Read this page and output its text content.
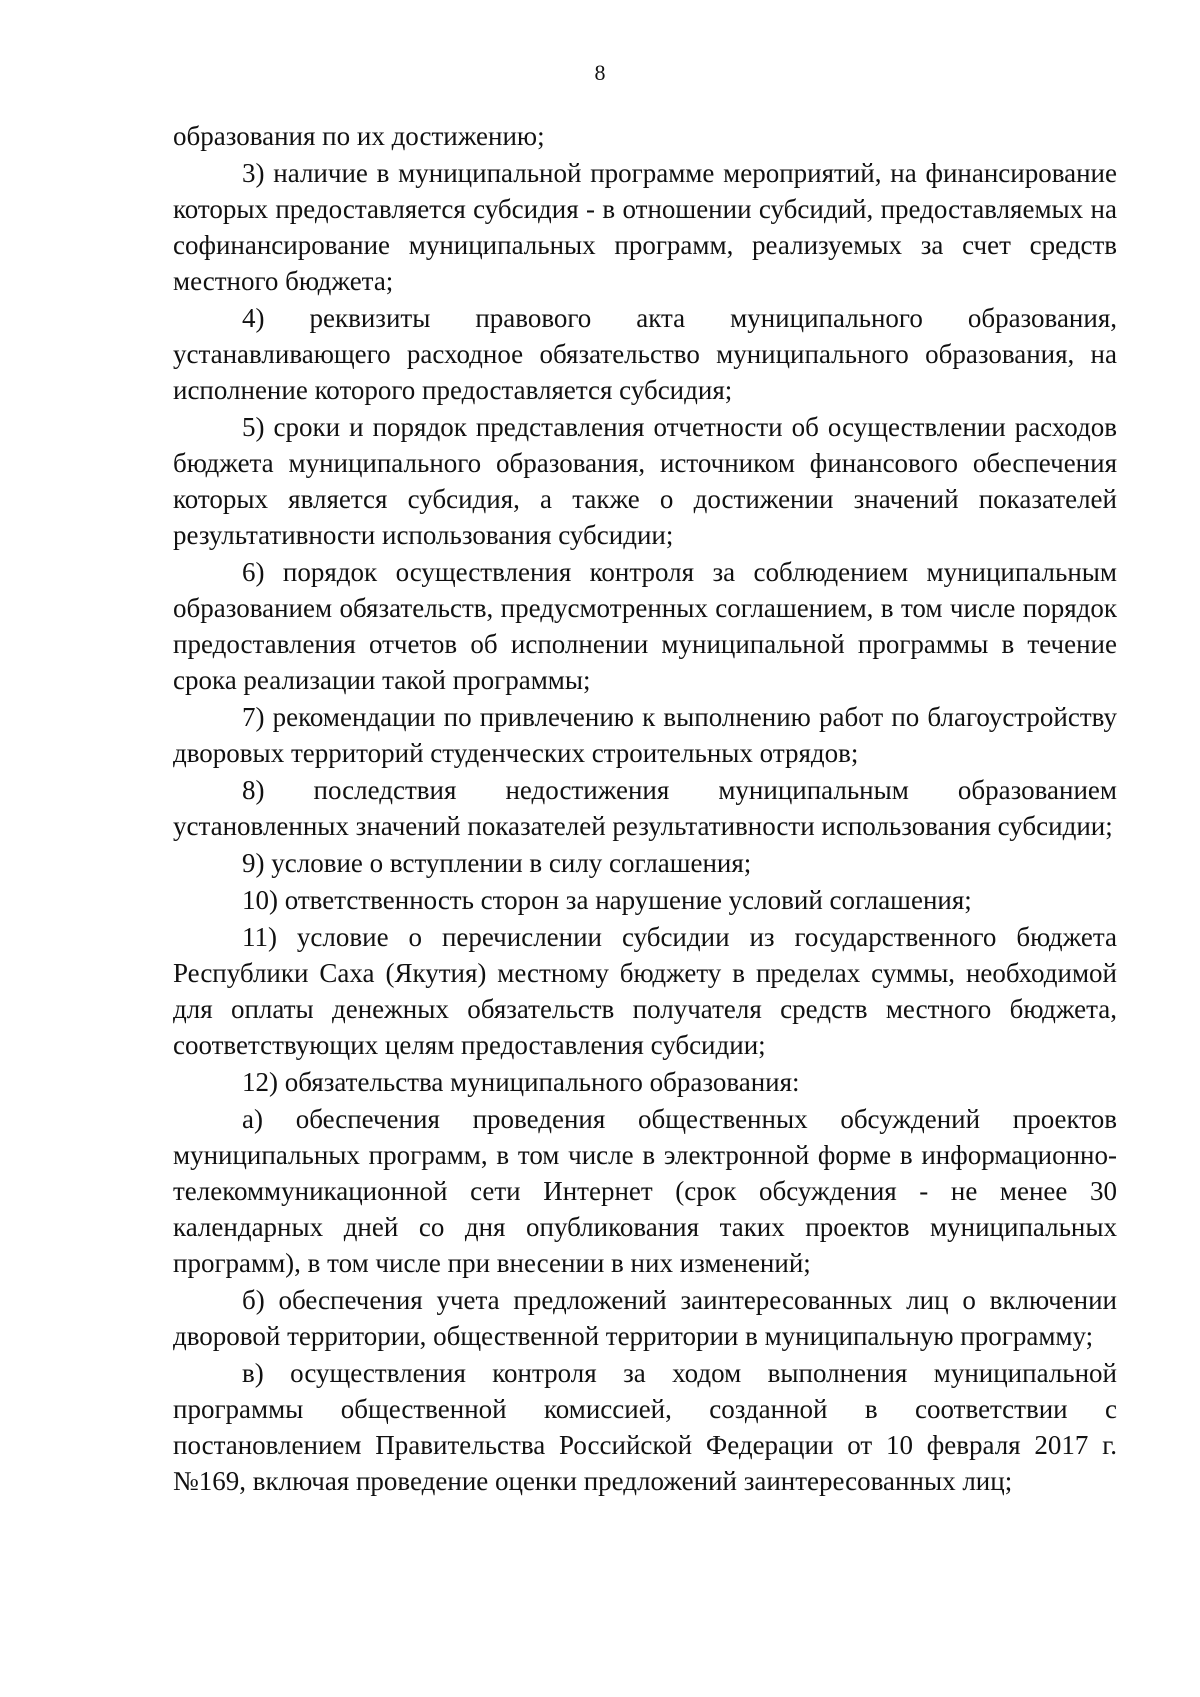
8

образования по их достижению;

3) наличие в муниципальной программе мероприятий, на финансирование которых предоставляется субсидия - в отношении субсидий, предоставляемых на софинансирование муниципальных программ, реализуемых за счет средств местного бюджета;

4) реквизиты правового акта муниципального образования, устанавливающего расходное обязательство муниципального образования, на исполнение которого предоставляется субсидия;

5) сроки и порядок представления отчетности об осуществлении расходов бюджета муниципального образования, источником финансового обеспечения которых является субсидия, а также о достижении значений показателей результативности использования субсидии;

6) порядок осуществления контроля за соблюдением муниципальным образованием обязательств, предусмотренных соглашением, в том числе порядок предоставления отчетов об исполнении муниципальной программы в течение срока реализации такой программы;

7) рекомендации по привлечению к выполнению работ по благоустройству дворовых территорий студенческих строительных отрядов;

8) последствия недостижения муниципальным образованием установленных значений показателей результативности использования субсидии;

9) условие о вступлении в силу соглашения;

10) ответственность сторон за нарушение условий соглашения;

11) условие о перечислении субсидии из государственного бюджета Республики Саха (Якутия) местному бюджету в пределах суммы, необходимой для оплаты денежных обязательств получателя средств местного бюджета, соответствующих целям предоставления субсидии;

12) обязательства муниципального образования:

а) обеспечения проведения общественных обсуждений проектов муниципальных программ, в том числе в электронной форме в информационно-телекоммуникационной сети Интернет (срок обсуждения - не менее 30 календарных дней со дня опубликования таких проектов муниципальных программ), в том числе при внесении в них изменений;

б) обеспечения учета предложений заинтересованных лиц о включении дворовой территории, общественной территории в муниципальную программу;

в) осуществления контроля за ходом выполнения муниципальной программы общественной комиссией, созданной в соответствии с постановлением Правительства Российской Федерации от 10 февраля 2017 г. №169, включая проведение оценки предложений заинтересованных лиц;
